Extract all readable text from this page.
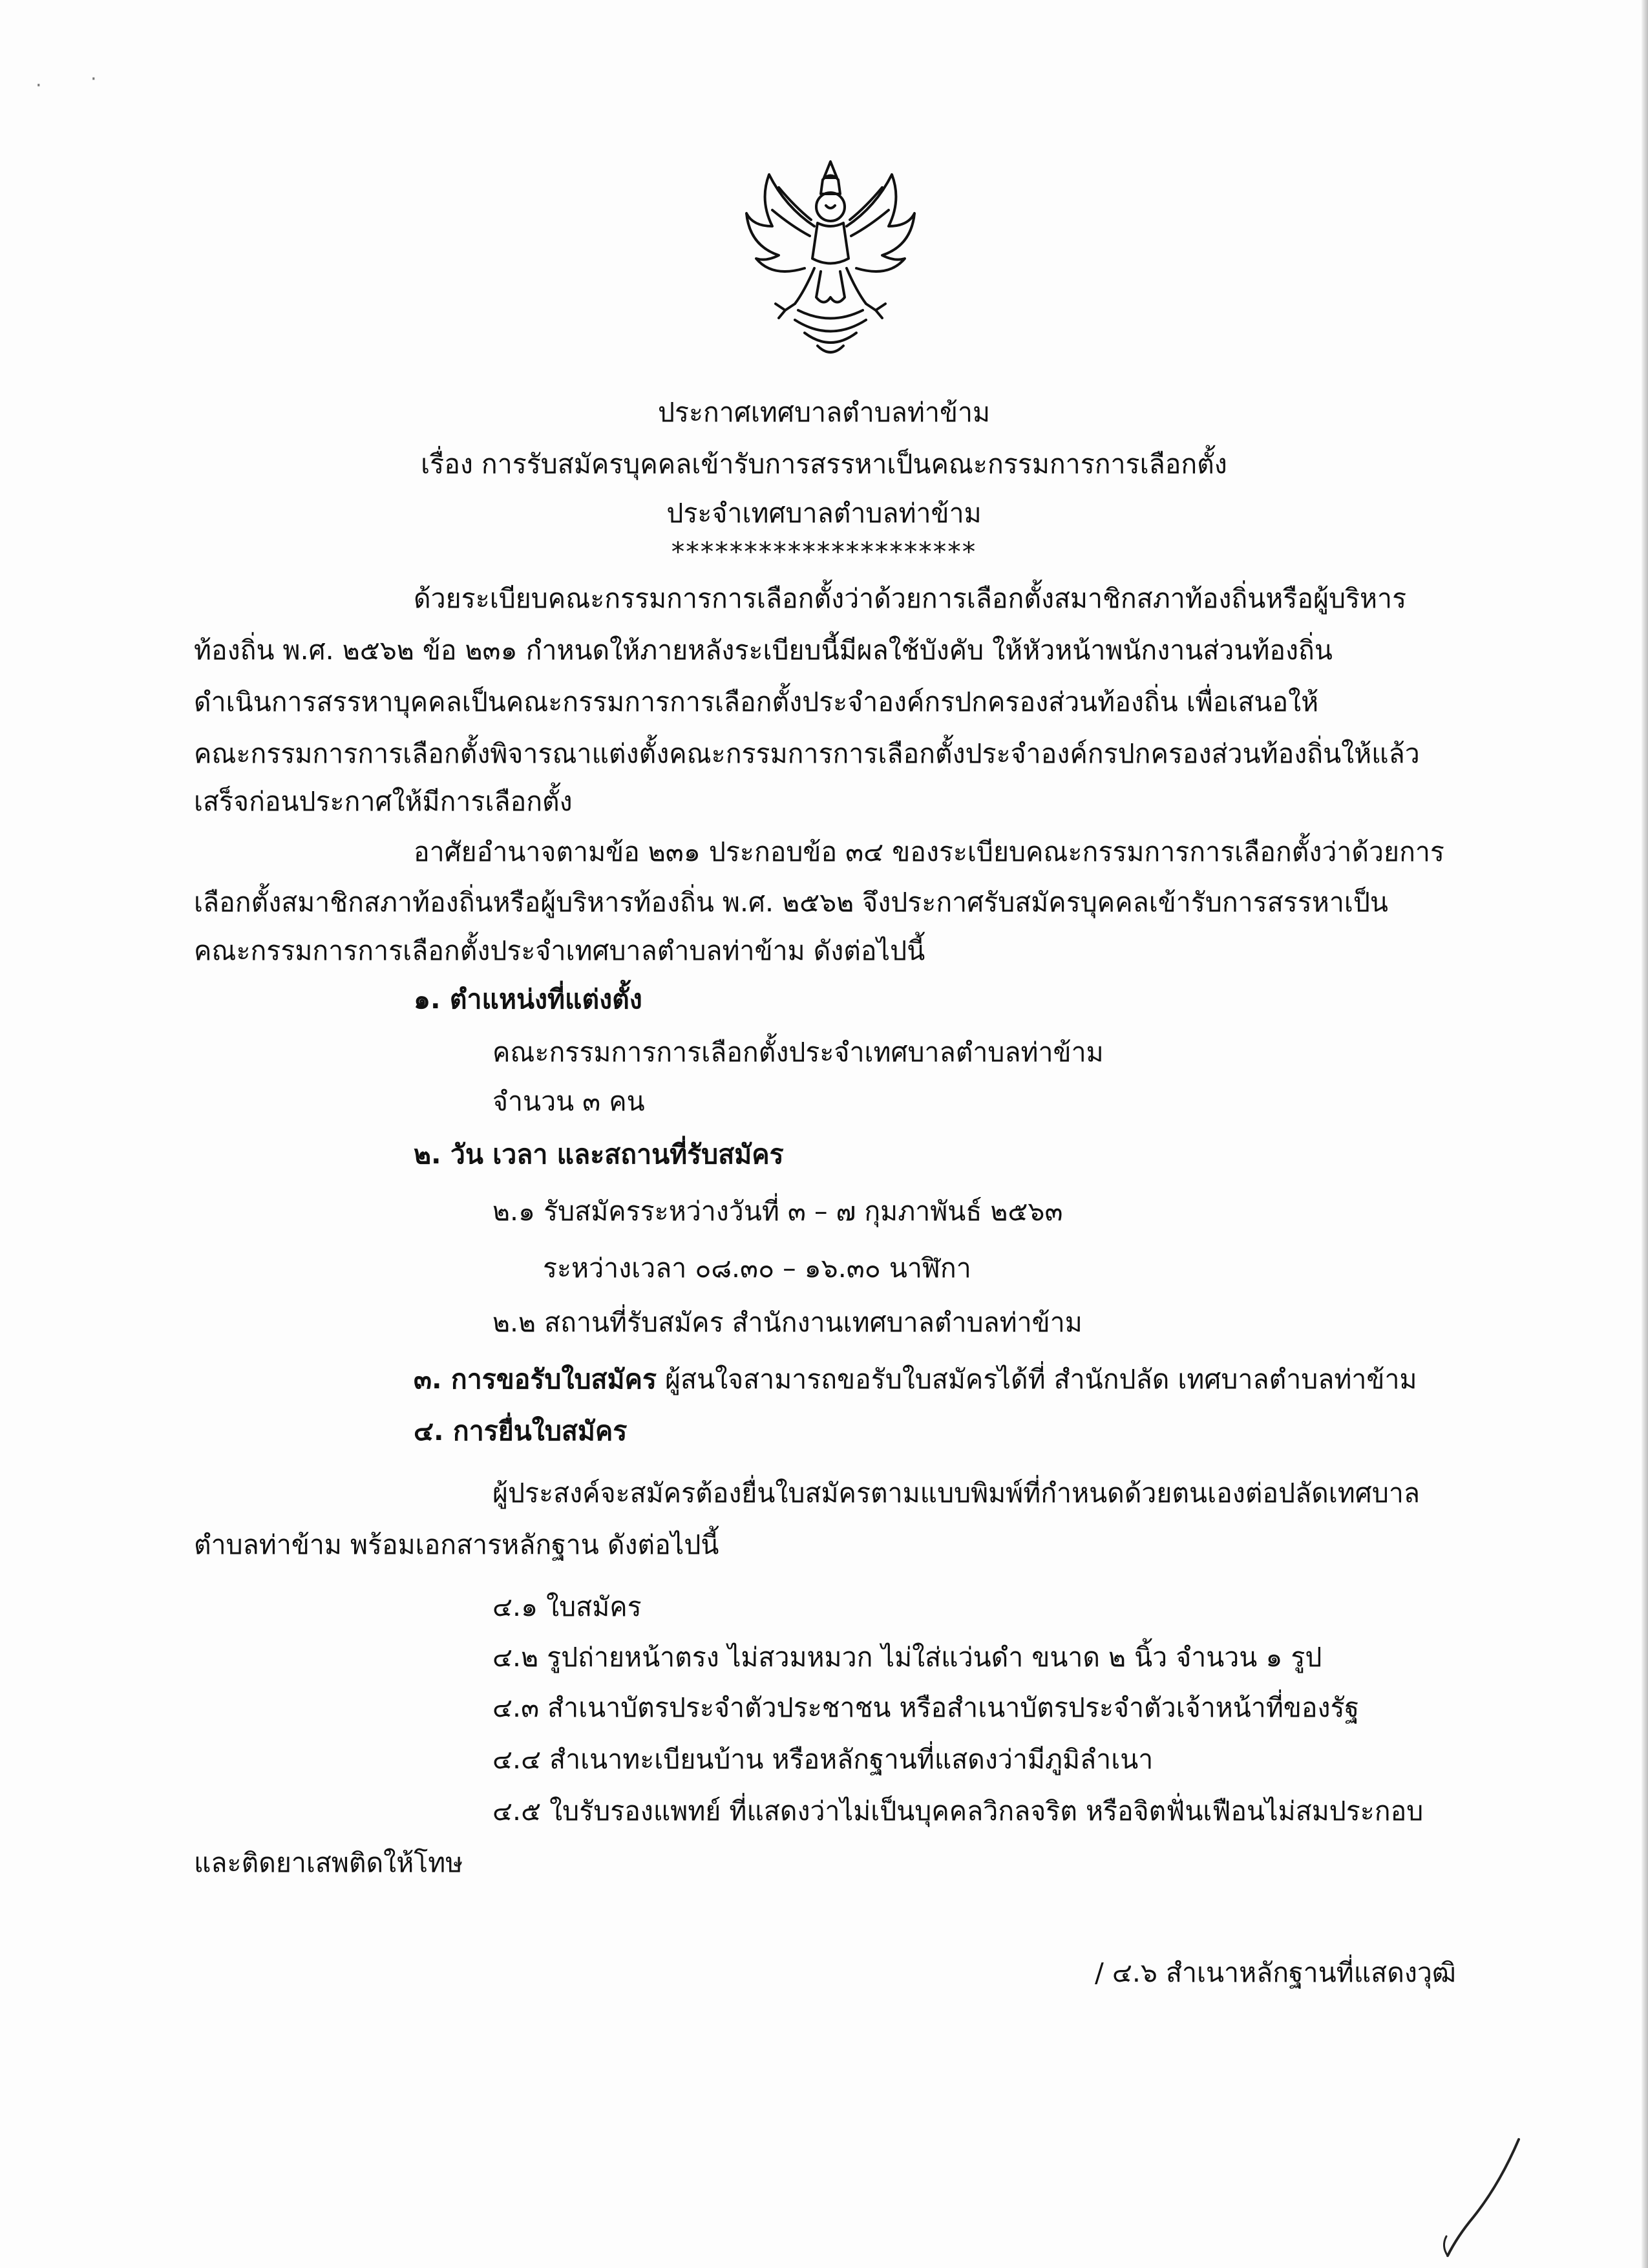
·	·
ประกาศเทศบาลตำบลท่าข้าม
เรื่อง การรับสมัครบุคคลเข้ารับการสรรหาเป็นคณะกรรมการการเลือกตั้ง
ประจำเทศบาลตำบลท่าข้าม
*********************
ด้วยระเบียบคณะกรรมการการเลือกตั้งว่าด้วยการเลือกตั้งสมาชิกสภาท้องถิ่นหรือผู้บริหาร
ท้องถิ่น พ.ศ. ๒๕๖๒ ข้อ ๒๓๑ กำหนดให้ภายหลังระเบียบนี้มีผลใช้บังคับ ให้หัวหน้าพนักงานส่วนท้องถิ่น
ดำเนินการสรรหาบุคคลเป็นคณะกรรมการการเลือกตั้งประจำองค์กรปกครองส่วนท้องถิ่น เพื่อเสนอให้
คณะกรรมการการเลือกตั้งพิจารณาแต่งตั้งคณะกรรมการการเลือกตั้งประจำองค์กรปกครองส่วนท้องถิ่นให้แล้ว
เสร็จก่อนประกาศให้มีการเลือกตั้ง
อาศัยอำนาจตามข้อ ๒๓๑ ประกอบข้อ ๓๔ ของระเบียบคณะกรรมการการเลือกตั้งว่าด้วยการ
เลือกตั้งสมาชิกสภาท้องถิ่นหรือผู้บริหารท้องถิ่น พ.ศ. ๒๕๖๒ จึงประกาศรับสมัครบุคคลเข้ารับการสรรหาเป็น
คณะกรรมการการเลือกตั้งประจำเทศบาลตำบลท่าข้าม ดังต่อไปนี้
๑. ตำแหน่งที่แต่งตั้ง
คณะกรรมการการเลือกตั้งประจำเทศบาลตำบลท่าข้าม
จำนวน ๓ คน
๒. วัน เวลา และสถานที่รับสมัคร
๒.๑ รับสมัครระหว่างวันที่ ๓ – ๗ กุมภาพันธ์ ๒๕๖๓
ระหว่างเวลา ๐๘.๓๐ – ๑๖.๓๐ นาฬิกา
๒.๒ สถานที่รับสมัคร สำนักงานเทศบาลตำบลท่าข้าม
๓. การขอรับใบสมัคร ผู้สนใจสามารถขอรับใบสมัครได้ที่ สำนักปลัด เทศบาลตำบลท่าข้าม
๔. การยื่นใบสมัคร
ผู้ประสงค์จะสมัครต้องยื่นใบสมัครตามแบบพิมพ์ที่กำหนดด้วยตนเองต่อปลัดเทศบาล
ตำบลท่าข้าม พร้อมเอกสารหลักฐาน ดังต่อไปนี้
๔.๑ ใบสมัคร
๔.๒ รูปถ่ายหน้าตรง ไม่สวมหมวก ไม่ใส่แว่นดำ ขนาด ๒ นิ้ว จำนวน ๑ รูป
๔.๓ สำเนาบัตรประจำตัวประชาชน หรือสำเนาบัตรประจำตัวเจ้าหน้าที่ของรัฐ
๔.๔ สำเนาทะเบียนบ้าน หรือหลักฐานที่แสดงว่ามีภูมิลำเนา
๔.๕ ใบรับรองแพทย์ ที่แสดงว่าไม่เป็นบุคคลวิกลจริต หรือจิตฟั่นเฟือนไม่สมประกอบ
และติดยาเสพติดให้โทษ
/ ๔.๖ สำเนาหลักฐานที่แสดงวุฒิ
